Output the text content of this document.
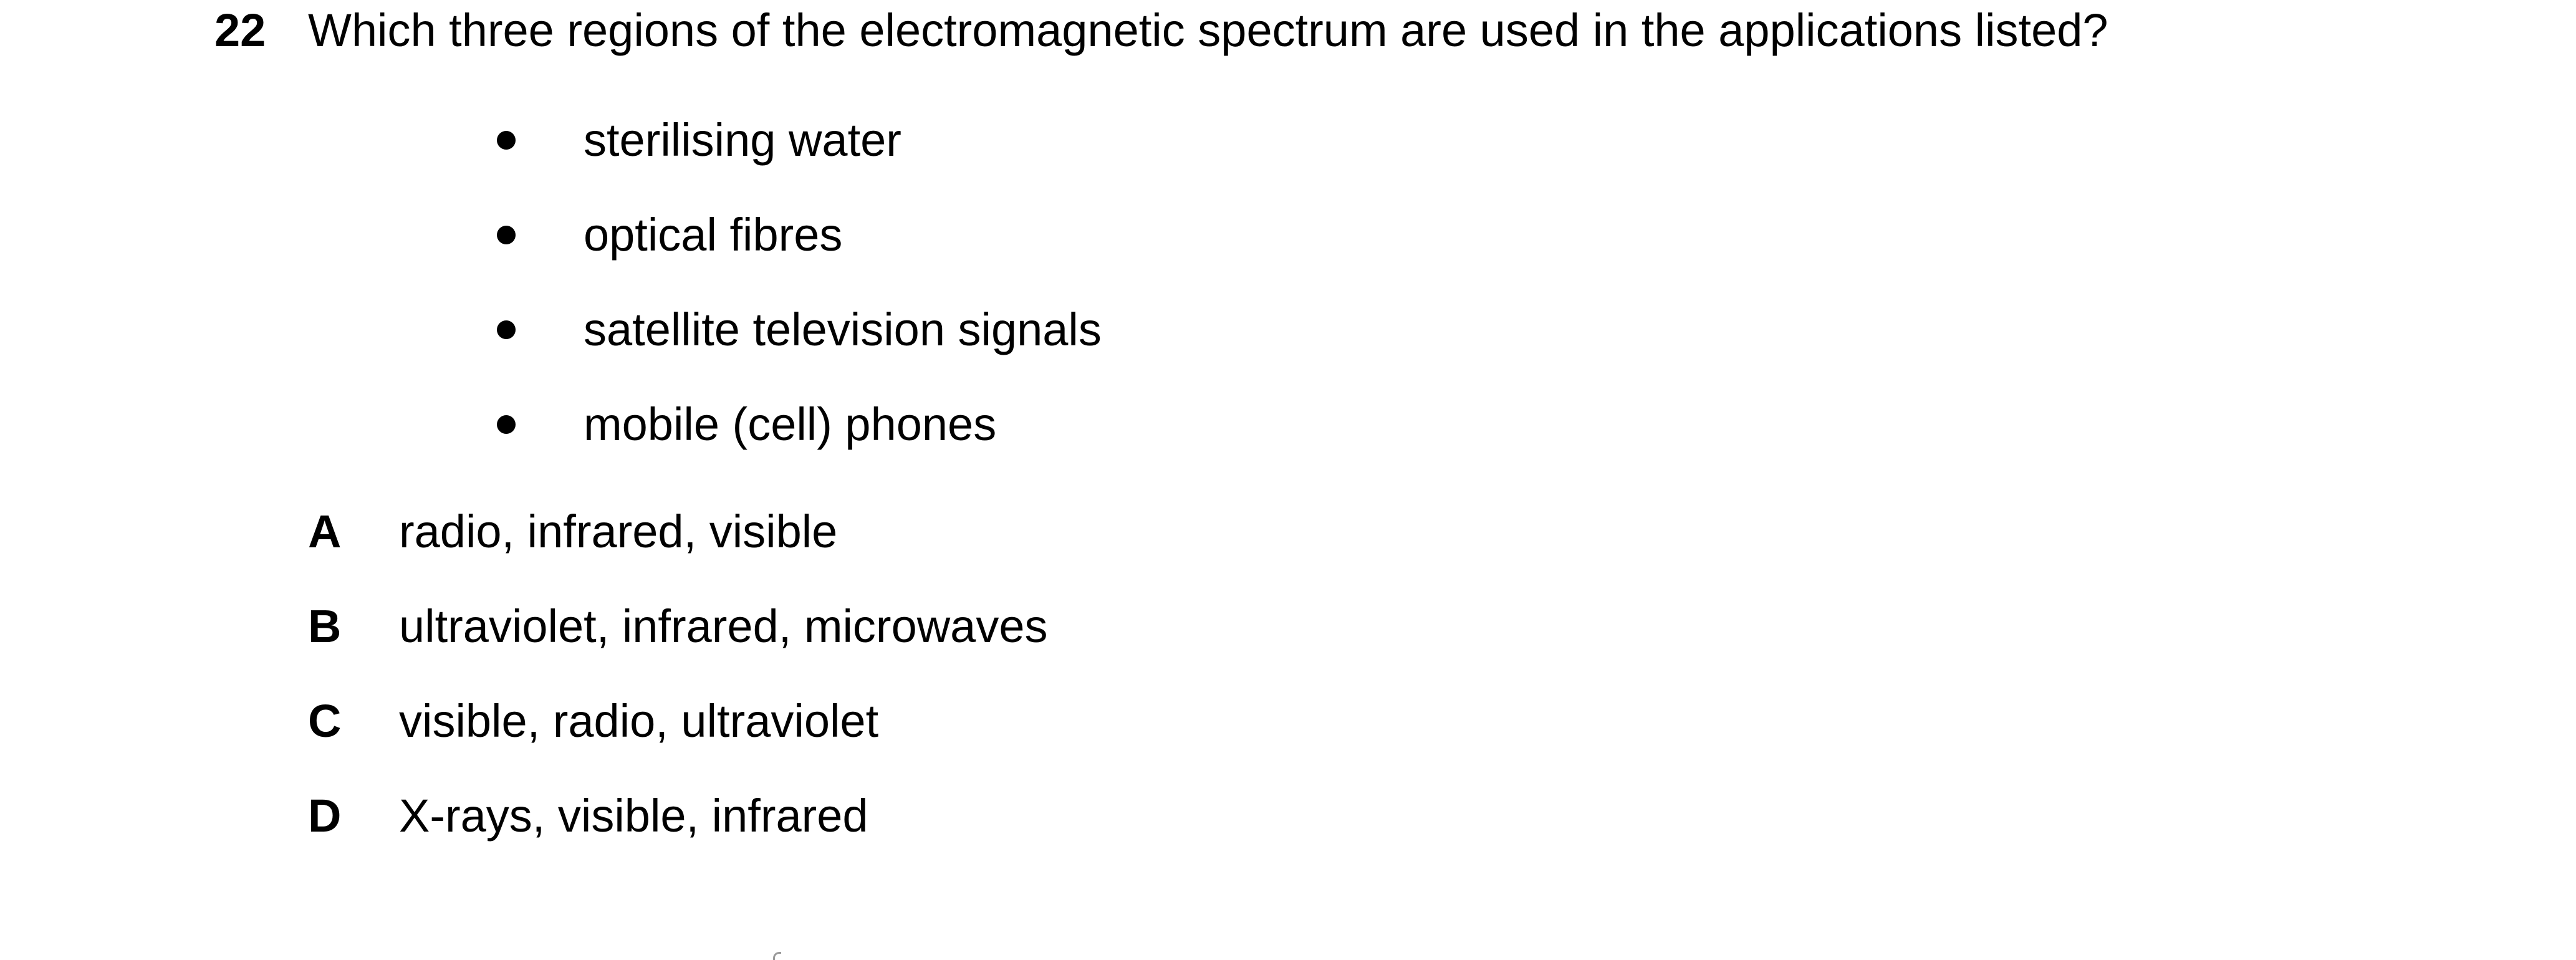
22 Which three regions of the electromagnetic spectrum are used in the applications listed?
sterilising water
optical fibres
satellite television signals
mobile (cell) phones
A radio, infrared, visible
B ultraviolet, infrared, microwaves
C visible, radio, ultraviolet
D X-rays, visible, infrared
